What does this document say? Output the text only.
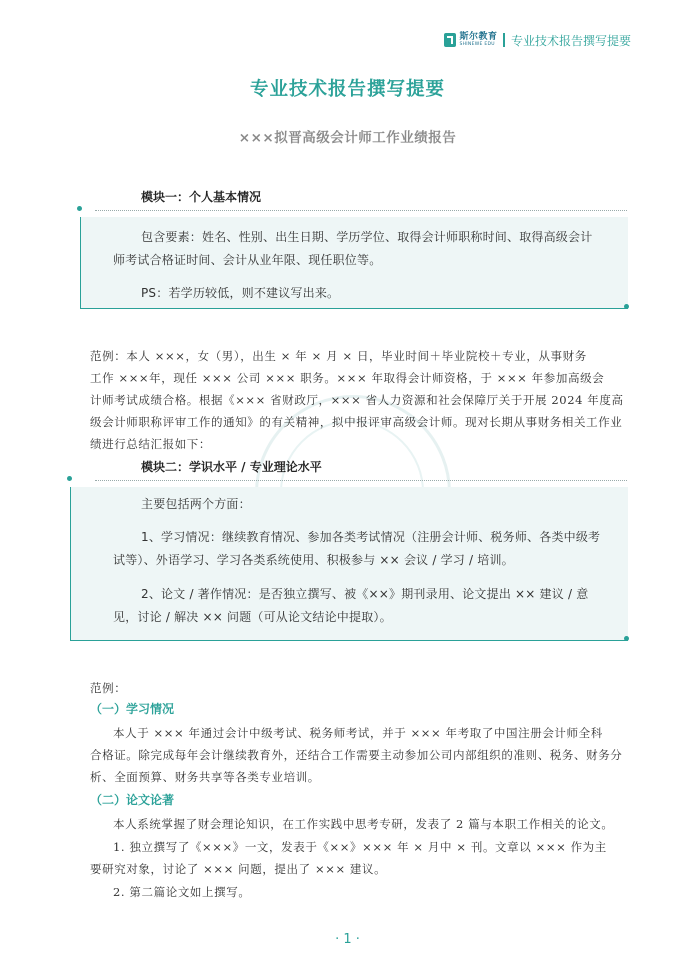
斯尔教育
SHINEWE EDU 专业技术报告撰写提要
专业技术报告撰写提要
×××拟晋高级会计师工作业绩报告
模块一：个人基本情况
包含要素：姓名、性别、出生日期、学历学位、取得会计师职称时间、取得高级会计
师考试合格证时间、会计从业年限、现任职位等。
PS：若学历较低，则不建议写出来。
范例：本人 ×××，女（男），出生 × 年 × 月 × 日，毕业时间＋毕业院校＋专业，从事财务
工作 ×××年，现任 ××× 公司 ××× 职务。××× 年取得会计师资格，于 ××× 年参加高级会
计师考试成绩合格。根据《××× 省财政厅，××× 省人力资源和社会保障厅关于开展 2024 年度高
级会计师职称评审工作的通知》的有关精神，拟中报评审高级会计师。现对长期从事财务相关工作业
绩进行总结汇报如下：
模块二：学识水平 / 专业理论水平
主要包括两个方面：
1、学习情况：继续教育情况、参加各类考试情况（注册会计师、税务师、各类中级考
试等）、外语学习、学习各类系统使用、积极参与 ×× 会议 / 学习 / 培训。
2、论文 / 著作情况：是否独立撰写、被《××》期刊录用、论文提出 ×× 建议 / 意
见，讨论 / 解决 ×× 问题（可从论文结论中提取）。
范例：
（一）学习情况
本人于 ××× 年通过会计中级考试、税务师考试，并于 ××× 年考取了中国注册会计师全科
合格证。除完成每年会计继续教育外，还结合工作需要主动参加公司内部组织的准则、税务、财务分
析、全面预算、财务共享等各类专业培训。
（二）论文论著
本人系统掌握了财会理论知识，在工作实践中思考专研，发表了 2 篇与本职工作相关的论文。
1. 独立撰写了《×××》一文，发表于《××》××× 年 × 月中 × 刊。文章以 ××× 作为主
要研究对象，讨论了 ××× 问题，提出了 ××× 建议。
2. 第二篇论文如上撰写。
· 1 ·
